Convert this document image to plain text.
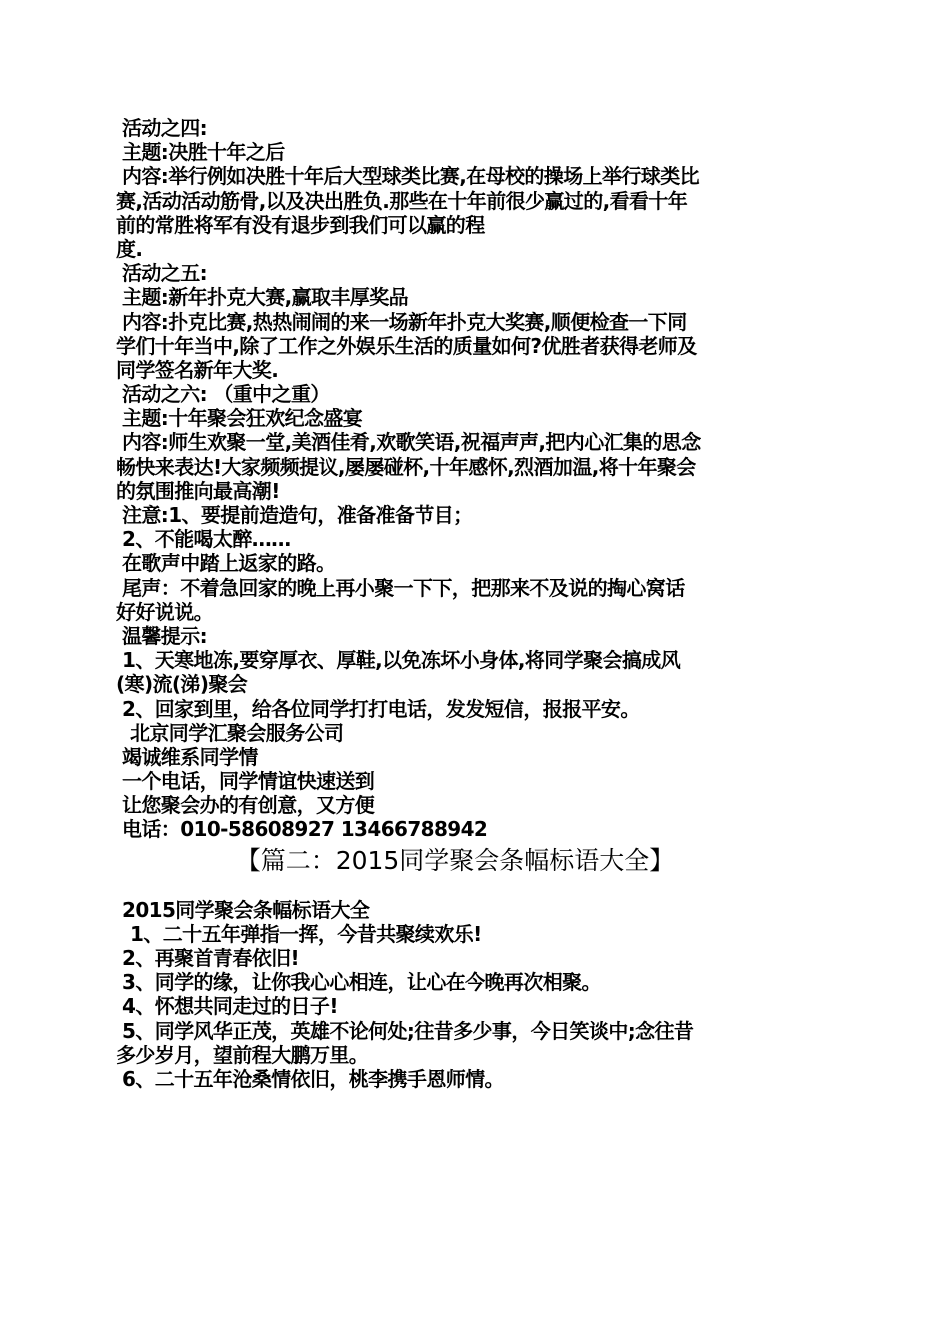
活动之四:
主题:决胜十年之后
内容:举行例如决胜十年后大型球类比赛,在母校的操场上举行球类比
赛,活动活动筋骨,以及决出胜负.那些在十年前很少赢过的,看看十年
前的常胜将军有没有退步到我们可以赢的程
度.
活动之五:
主题:新年扑克大赛,赢取丰厚奖品
内容:扑克比赛,热热闹闹的来一场新年扑克大奖赛,顺便检查一下同
学们十年当中,除了工作之外娱乐生活的质量如何?优胜者获得老师及
同学签名新年大奖.
活动之六: （重中之重）
主题:十年聚会狂欢纪念盛宴
内容:师生欢聚一堂,美酒佳肴,欢歌笑语,祝福声声,把内心汇集的思念
畅快来表达!大家频频提议,屡屡碰杯,十年感怀,烈酒加温,将十年聚会
的氛围推向最高潮!
注意:1、要提前造造句，准备准备节目；
2、不能喝太醉……
在歌声中踏上返家的路。
尾声：不着急回家的晚上再小聚一下下，把那来不及说的掏心窝话
好好说说。
温馨提示:
1、天寒地冻,要穿厚衣、厚鞋,以免冻坏小身体,将同学聚会搞成风
(寒)流(涕)聚会
2、回家到里，给各位同学打打电话，发发短信，报报平安。
北京同学汇聚会服务公司
竭诚维系同学情
一个电话，同学情谊快速送到
让您聚会办的有创意，又方便
电话：010-58608927 13466788942
【篇二：2015同学聚会条幅标语大全】
2015同学聚会条幅标语大全
1、二十五年弹指一挥，今昔共聚续欢乐!
2、再聚首青春依旧!
3、同学的缘，让你我心心相连，让心在今晚再次相聚。
4、怀想共同走过的日子!
5、同学风华正茂，英雄不论何处;往昔多少事，今日笑谈中;念往昔
多少岁月，望前程大鹏万里。
6、二十五年沧桑情依旧，桃李携手恩师情。
